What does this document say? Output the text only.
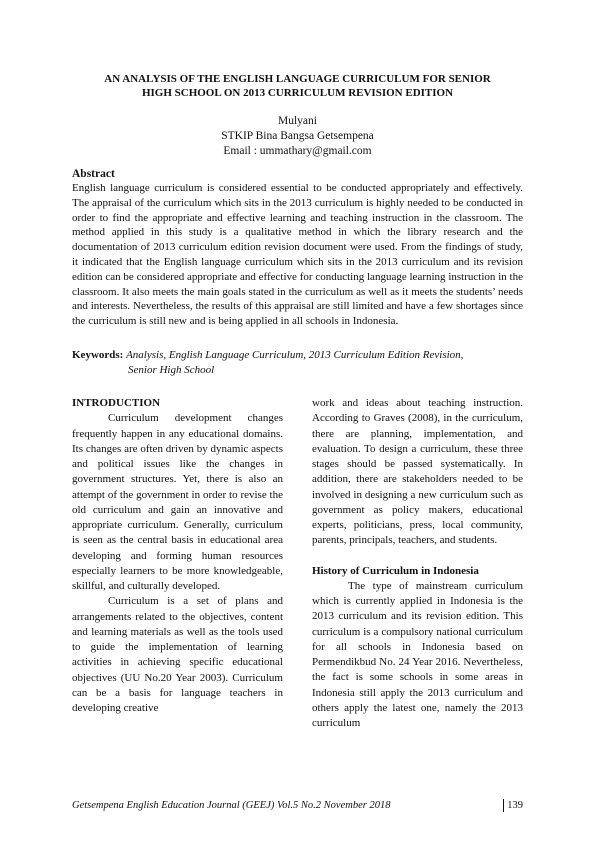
AN ANALYSIS OF THE ENGLISH LANGUAGE CURRICULUM FOR SENIOR
HIGH SCHOOL ON 2013 CURRICULUM REVISION EDITION
Mulyani
STKIP Bina Bangsa Getsempena
Email : ummathary@gmail.com
Abstract
English language curriculum is considered essential to be conducted appropriately and effectively. The appraisal of the curriculum which sits in the 2013 curriculum is highly needed to be conducted in order to find the appropriate and effective learning and teaching instruction in the classroom. The method applied in this study is a qualitative method in which the library research and the documentation of 2013 curriculum edition revision document were used. From the findings of study, it indicated that the English language curriculum which sits in the 2013 curriculum and its revision edition can be considered appropriate and effective for conducting language learning instruction in the classroom. It also meets the main goals stated in the curriculum as well as it meets the students’ needs and interests. Nevertheless, the results of this appraisal are still limited and have a few shortages since the curriculum is still new and is being applied in all schools in Indonesia.
Keywords: Analysis, English Language Curriculum, 2013 Curriculum Edition Revision,
Senior High School
INTRODUCTION

Curriculum development changes frequently happen in any educational domains. Its changes are often driven by dynamic aspects and political issues like the changes in government structures. Yet, there is also an attempt of the government in order to revise the old curriculum and gain an innovative and appropriate curriculum. Generally, curriculum is seen as the central basis in educational area developing and forming human resources especially learners to be more knowledgeable, skillful, and culturally developed.

Curriculum is a set of plans and arrangements related to the objectives, content and learning materials as well as the tools used to guide the implementation of learning activities in achieving specific educational objectives (UU No.20 Year 2003). Curriculum can be a basis for language teachers in developing creative

work and ideas about teaching instruction. According to Graves (2008), in the curriculum, there are planning, implementation, and evaluation. To design a curriculum, these three stages should be passed systematically. In addition, there are stakeholders needed to be involved in designing a new curriculum such as government as policy makers, educational experts, politicians, press, local community, parents, principals, teachers, and students.

History of Curriculum in Indonesia

The type of mainstream curriculum which is currently applied in Indonesia is the 2013 curriculum and its revision edition. This curriculum is a compulsory national curriculum for all schools in Indonesia based on Permendikbud No. 24 Year 2016. Nevertheless, the fact is some schools in some areas in Indonesia still apply the 2013 curriculum and others apply the latest one, namely the 2013 curriculum

Getsempena English Education Journal (GEEJ) Vol.5 No.2 November 2018	139
